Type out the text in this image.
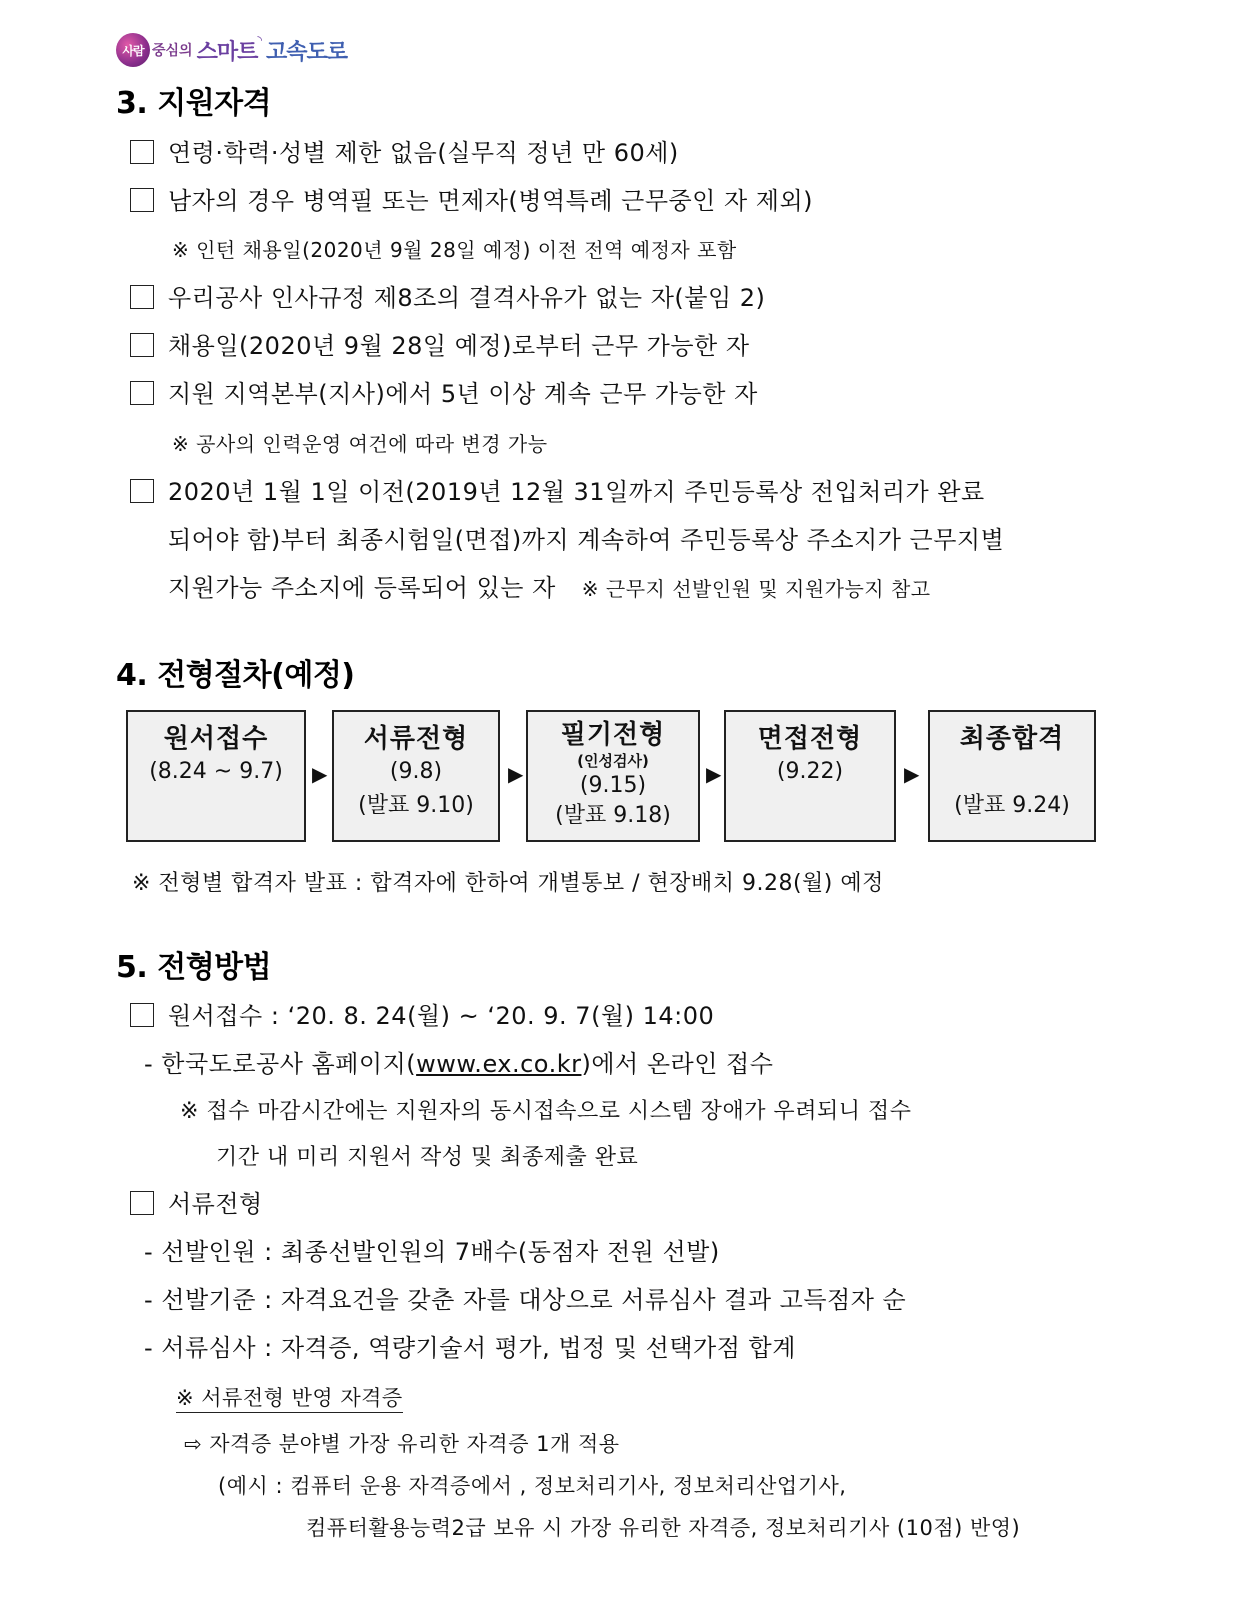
사람 중심의 스마트 ◝ 고속도로
3. 지원자격
연령·학력·성별 제한 없음(실무직 정년 만 60세)
남자의 경우 병역필 또는 면제자(병역특례 근무중인 자 제외)
※ 인턴 채용일(2020년 9월 28일 예정) 이전 전역 예정자 포함
우리공사 인사규정 제8조의 결격사유가 없는 자(붙임 2)
채용일(2020년 9월 28일 예정)로부터 근무 가능한 자
지원 지역본부(지사)에서 5년 이상 계속 근무 가능한 자
※ 공사의 인력운영 여건에 따라 변경 가능
2020년 1월 1일 이전(2019년 12월 31일까지 주민등록상 전입처리가 완료
되어야 함)부터 최종시험일(면접)까지 계속하여 주민등록상 주소지가 근무지별
지원가능 주소지에 등록되어 있는 자 ※ 근무지 선발인원 및 지원가능지 참고
4. 전형절차(예정)
원서접수
(8.24 ~ 9.7)	▶
서류전형
(9.8)
(발표 9.10)
▶
필기전형
(인성검사)
(9.15)
(발표 9.18)
▶
면접전형
(9.22)	▶
최종합격
(발표 9.24)
※ 전형별 합격자 발표 : 합격자에 한하여 개별통보 / 현장배치 9.28(월) 예정
5. 전형방법
원서접수 : ‘20. 8. 24(월) ~ ‘20. 9. 7(월) 14:00
- 한국도로공사 홈페이지(www.ex.co.kr)에서 온라인 접수
※ 접수 마감시간에는 지원자의 동시접속으로 시스템 장애가 우려되니 접수
기간 내 미리 지원서 작성 및 최종제출 완료
서류전형
- 선발인원 : 최종선발인원의 7배수(동점자 전원 선발)
- 선발기준 : 자격요건을 갖춘 자를 대상으로 서류심사 결과 고득점자 순
- 서류심사 : 자격증, 역량기술서 평가, 법정 및 선택가점 합계
※ 서류전형 반영 자격증
⇨ 자격증 분야별 가장 유리한 자격증 1개 적용
(예시 : 컴퓨터 운용 자격증에서 , 정보처리기사, 정보처리산업기사,
컴퓨터활용능력2급 보유 시 가장 유리한 자격증, 정보처리기사 (10점) 반영)
